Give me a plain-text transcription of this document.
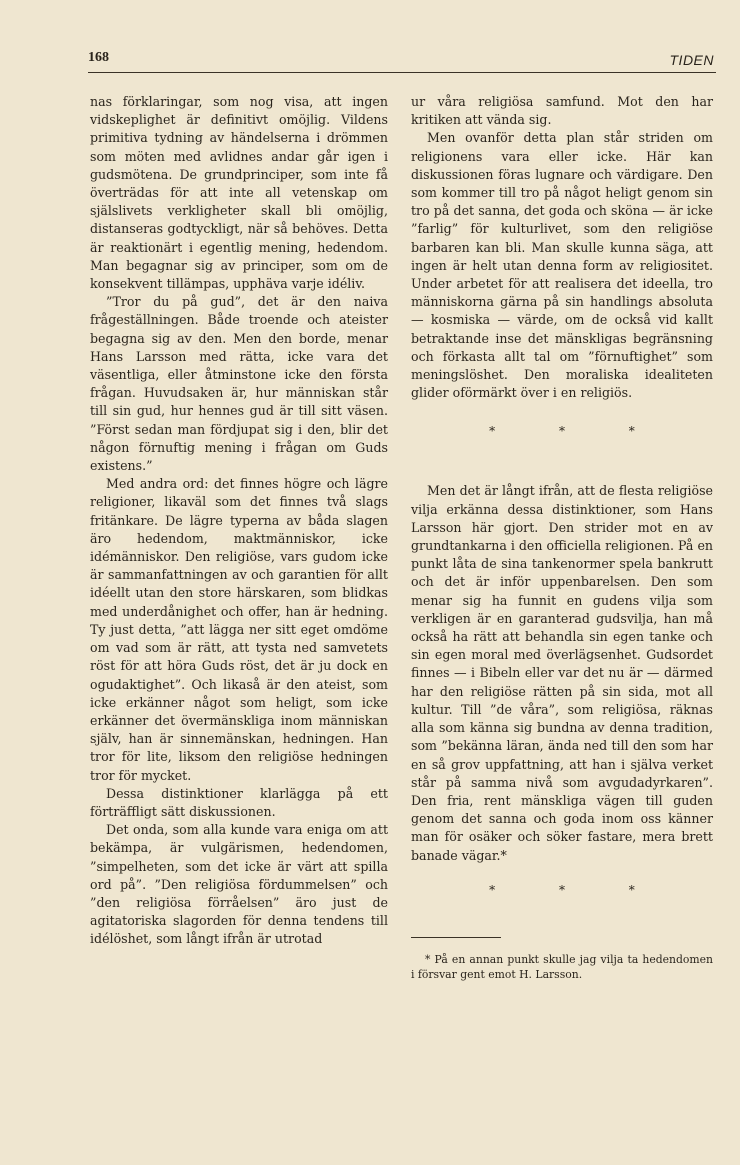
168	TIDEN

nas förklaringar, som nog visa, att ingen vidskeplighet är definitivt omöjlig. Vildens primitiva tydning av händelserna i drömmen som möten med avlidnes andar går igen i gudsmötena. De grundprinciper, som inte få överträdas för att inte all vetenskap om själslivets verkligheter skall bli omöjlig, distanseras godtyckligt, när så behöves. Detta är reaktionärt i egentlig mening, hedendom. Man begagnar sig av principer, som om de konsekvent tillämpas, upphäva varje idéliv.

”Tror du på gud”, det är den naiva frågeställningen. Både troende och ateister begagna sig av den. Men den borde, menar Hans Larsson med rätta, icke vara det väsentliga, eller åtminstone icke den första frågan. Huvudsaken är, hur människan står till sin gud, hur hennes gud är till sitt väsen. ”Först sedan man fördjupat sig i den, blir det någon förnuftig mening i frågan om Guds existens.”

Med andra ord: det finnes högre och lägre religioner, likaväl som det finnes två slags fritänkare. De lägre typerna av båda slagen äro hedendom, maktmänniskor, icke idémänniskor. Den religiöse, vars gudom icke är sammanfattningen av och garantien för allt idéellt utan den store härskaren, som blidkas med underdånighet och offer, han är hedning. Ty just detta, ”att lägga ner sitt eget omdöme om vad som är rätt, att tysta ned samvetets röst för att höra Guds röst, det är ju dock en ogudaktighet”. Och likaså är den ateist, som icke erkänner något som heligt, som icke erkänner det övermänskliga inom människan själv, han är sinnemänskan, hedningen. Han tror för lite, liksom den religiöse hedningen tror för mycket.

Dessa distinktioner klarlägga på ett förträffligt sätt diskussionen.

Det onda, som alla kunde vara eniga om att bekämpa, är vulgärismen, hedendomen, ”simpelheten, som det icke är värt att spilla ord på”. ”Den religiösa fördummelsen” och ”den religiösa förråelsen” äro just de agitatoriska slagorden för denna tendens till idélöshet, som långt ifrån är utrotad

ur våra religiösa samfund. Mot den har kritiken att vända sig.

Men ovanför detta plan står striden om religionens vara eller icke. Här kan diskussionen föras lugnare och värdigare. Den som kommer till tro på något heligt genom sin tro på det sanna, det goda och sköna — är icke ”farlig” för kulturlivet, som den religiöse barbaren kan bli. Man skulle kunna säga, att ingen är helt utan denna form av religiositet. Under arbetet för att realisera det ideella, tro människorna gärna på sin handlings absoluta — kosmiska — värde, om de också vid kallt betraktande inse det mänskligas begränsning och förkasta allt tal om ”förnuftighet” som meningslöshet. Den moraliska idealiteten glider oförmärkt över i en religiös.

* * *

Men det är långt ifrån, att de flesta religiöse vilja erkänna dessa distinktioner, som Hans Larsson här gjort. Den strider mot en av grundtankarna i den officiella religionen. På en punkt låta de sina tankenormer spela bankrutt och det är inför uppenbarelsen. Den som menar sig ha funnit en gudens vilja som verkligen är en garanterad gudsvilja, han må också ha rätt att behandla sin egen tanke och sin egen moral med överlägsenhet. Gudsordet finnes — i Bibeln eller var det nu är — därmed har den religiöse rätten på sin sida, mot all kultur. Till ”de våra”, som religiösa, räknas alla som känna sig bundna av denna tradition, som ”bekänna läran, ända ned till den som har en så grov uppfattning, att han i själva verket står på samma nivå som avgudadyrkaren”. Den fria, rent mänskliga vägen till guden genom det sanna och goda inom oss känner man för osäker och söker fastare, mera brett banade vägar.*

* * *

* På en annan punkt skulle jag vilja ta hedendomen i försvar gent emot H. Larsson.
